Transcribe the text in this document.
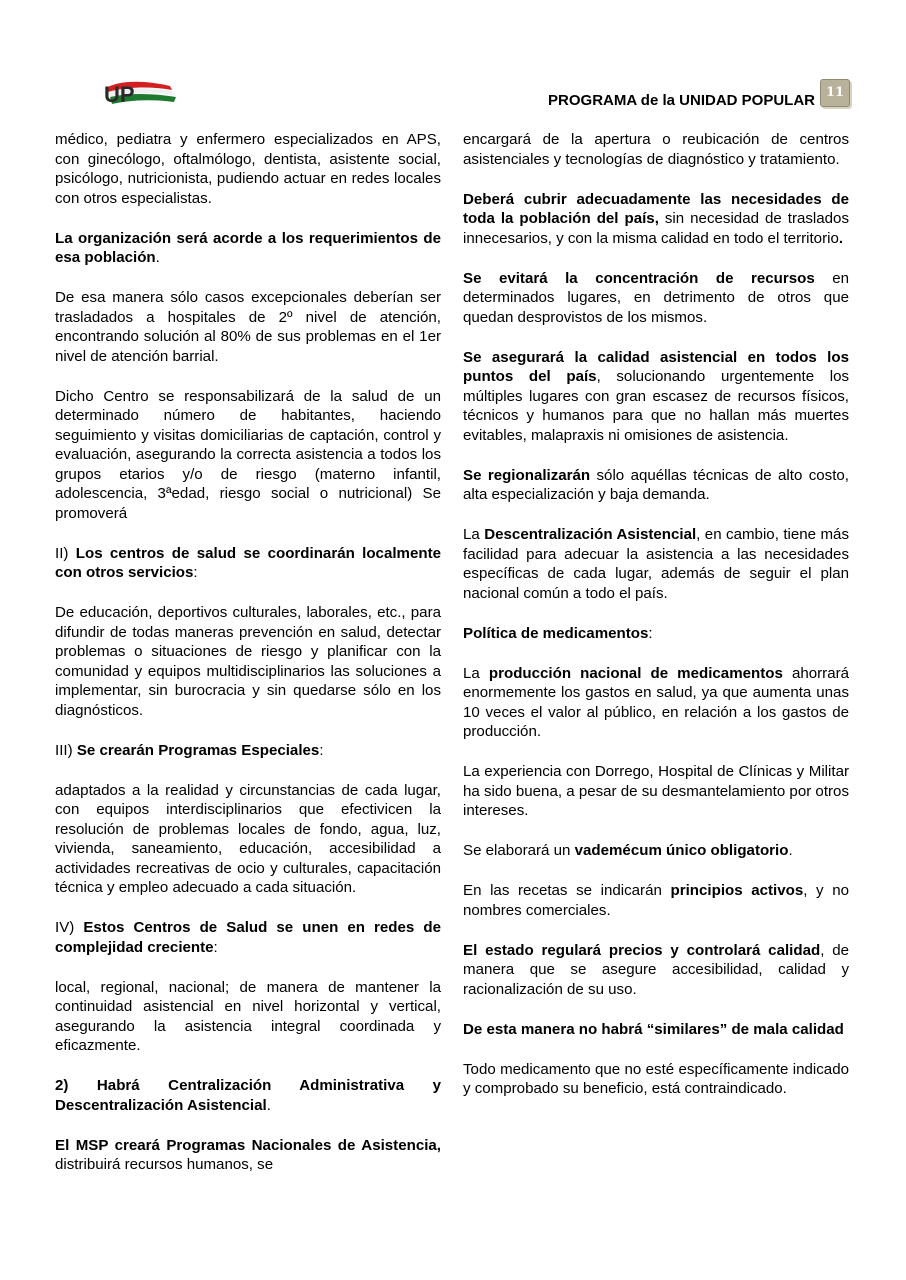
UP	PROGRAMA de la UNIDAD POPULAR 11

médico, pediatra y enfermero especializados en APS, con ginecólogo, oftalmólogo, dentista, asistente social, psicólogo, nutricionista, pudiendo actuar en redes locales con otros especialistas.

La organización será acorde a los requerimientos de esa población.

De esa manera sólo casos excepcionales deberían ser trasladados a hospitales de 2º nivel de atención, encontrando solución al 80% de sus problemas en el 1er nivel de atención barrial.

Dicho Centro se responsabilizará de la salud de un determinado número de habitantes, haciendo seguimiento y visitas domiciliarias de captación, control y evaluación, asegurando la correcta asistencia a todos los grupos etarios y/o de riesgo (materno infantil, adolescencia, 3ªedad, riesgo social o nutricional) Se promoverá

II) Los centros de salud se coordinarán localmente con otros servicios:

De educación, deportivos culturales, laborales, etc., para difundir de todas maneras prevención en salud, detectar problemas o situaciones de riesgo y planificar con la comunidad y equipos multidisciplinarios las soluciones a implementar, sin burocracia y sin quedarse sólo en los diagnósticos.

III) Se crearán Programas Especiales:

adaptados a la realidad y circunstancias de cada lugar, con equipos interdisciplinarios que efectivicen la resolución de problemas locales de fondo, agua, luz, vivienda, saneamiento, educación, accesibilidad a actividades recreativas de ocio y culturales, capacitación técnica y empleo adecuado a cada situación.

IV) Estos Centros de Salud se unen en redes de complejidad creciente:

local, regional, nacional; de manera de mantener la continuidad asistencial en nivel horizontal y vertical, asegurando la asistencia integral coordinada y eficazmente.

2) Habrá Centralización Administrativa y Descentralización Asistencial.

El MSP creará Programas Nacionales de Asistencia, distribuirá recursos humanos, se

encargará de la apertura o reubicación de centros asistenciales y tecnologías de diagnóstico y tratamiento.

Deberá cubrir adecuadamente las necesidades de toda la población del país, sin necesidad de traslados innecesarios, y con la misma calidad en todo el territorio.

Se evitará la concentración de recursos en determinados lugares, en detrimento de otros que quedan desprovistos de los mismos.

Se asegurará la calidad asistencial en todos los puntos del país, solucionando urgentemente los múltiples lugares con gran escasez de recursos físicos, técnicos y humanos para que no hallan más muertes evitables, malapraxis ni omisiones de asistencia.

Se regionalizarán sólo aquéllas técnicas de alto costo, alta especialización y baja demanda.

La Descentralización Asistencial, en cambio, tiene más facilidad para adecuar la asistencia a las necesidades específicas de cada lugar, además de seguir el plan nacional común a todo el país.

Política de medicamentos:

La producción nacional de medicamentos ahorrará enormemente los gastos en salud, ya que aumenta unas 10 veces el valor al público, en relación a los gastos de producción.

La experiencia con Dorrego, Hospital de Clínicas y Militar ha sido buena, a pesar de su desmantelamiento por otros intereses.

Se elaborará un vademécum único obligatorio.

En las recetas se indicarán principios activos, y no nombres comerciales.

El estado regulará precios y controlará calidad, de manera que se asegure accesibilidad, calidad y racionalización de su uso.

De esta manera no habrá “similares” de mala calidad

Todo medicamento que no esté específicamente indicado y comprobado su beneficio, está contraindicado.
